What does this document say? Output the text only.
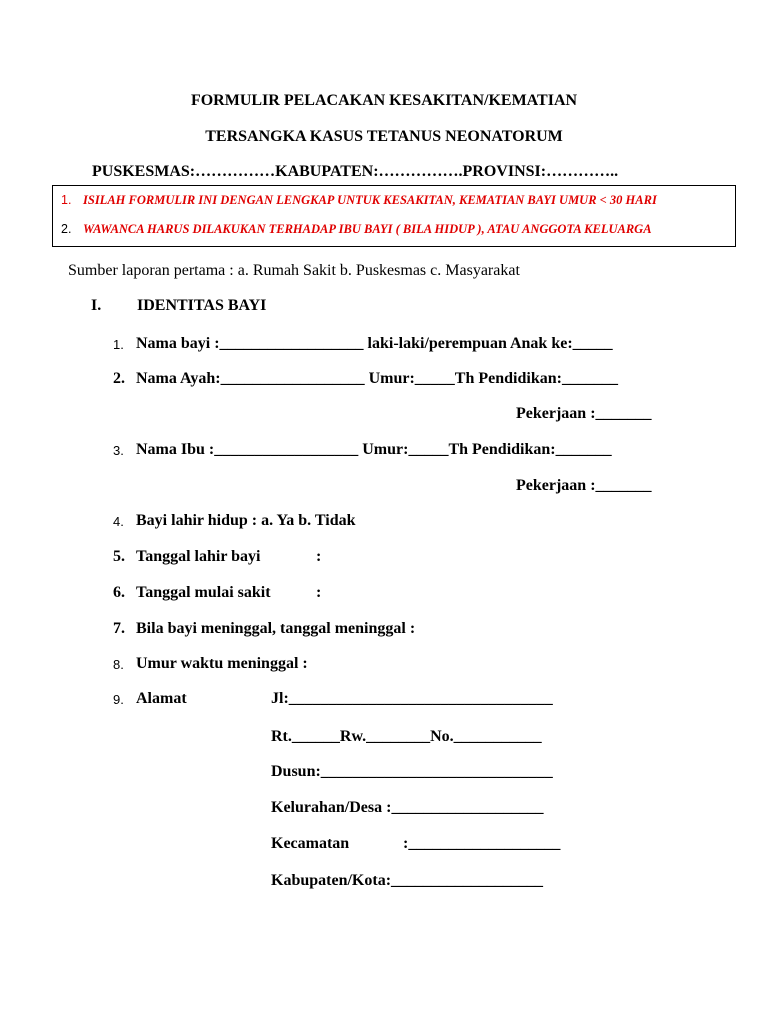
FORMULIR PELACAKAN KESAKITAN/KEMATIAN
TERSANGKA KASUS TETANUS NEONATORUM
PUSKESMAS:……………KABUPATEN:…………….PROVINSI:…………..
1. ISILAH FORMULIR INI DENGAN LENGKAP UNTUK KESAKITAN, KEMATIAN BAYI UMUR < 30 HARI
2. WAWANCA HARUS DILAKUKAN TERHADAP IBU BAYI ( BILA HIDUP ), ATAU ANGGOTA KELUARGA
Sumber laporan pertama : a. Rumah Sakit b. Puskesmas c. Masyarakat
I. IDENTITAS BAYI
1. Nama bayi :__________________ laki-laki/perempuan Anak ke:_____
2. Nama Ayah:__________________ Umur:_____Th Pendidikan:_______
Pekerjaan :_______
3. Nama Ibu :__________________ Umur:_____Th Pendidikan:_______
Pekerjaan :_______
4. Bayi lahir hidup : a. Ya b. Tidak
5. Tanggal lahir bayi	:
6. Tanggal mulai sakit	:
7. Bila bayi meninggal, tanggal meninggal :
8. Umur waktu meninggal :
9. Alamat	Jl:_________________________________
Rt.______Rw.________No.___________
Dusun:_____________________________
Kelurahan/Desa :___________________
Kecamatan	:___________________
Kabupaten/Kota:___________________
